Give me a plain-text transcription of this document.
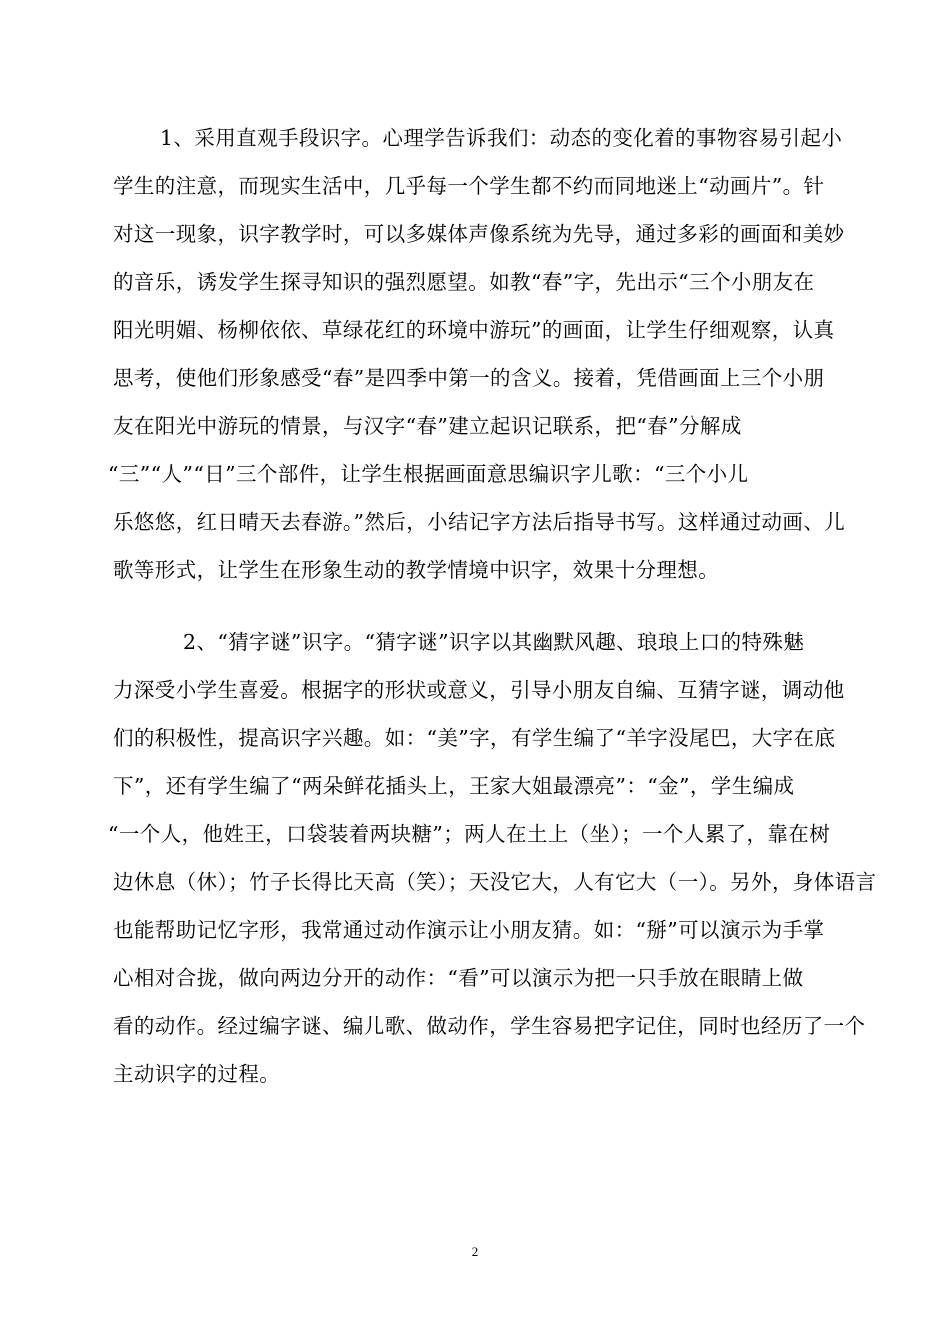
1、采用直观手段识字。心理学告诉我们：动态的变化着的事物容易引起小
学生的注意，而现实生活中，几乎每一个学生都不约而同地迷上“动画片”。针
对这一现象，识字教学时，可以多媒体声像系统为先导，通过多彩的画面和美妙
的音乐，诱发学生探寻知识的强烈愿望。如教“春”字，先出示“三个小朋友在
阳光明媚、杨柳依依、草绿花红的环境中游玩”的画面，让学生仔细观察，认真
思考，使他们形象感受“春”是四季中第一的含义。接着，凭借画面上三个小朋
友在阳光中游玩的情景，与汉字“春”建立起识记联系，把“春”分解成
“三”“人”“日”三个部件，让学生根据画面意思编识字儿歌：“三个小儿
乐悠悠，红日晴天去春游。”然后，小结记字方法后指导书写。这样通过动画、儿
歌等形式，让学生在形象生动的教学情境中识字，效果十分理想。
2、“猜字谜”识字。“猜字谜”识字以其幽默风趣、琅琅上口的特殊魅
力深受小学生喜爱。根据字的形状或意义，引导小朋友自编、互猜字谜，调动他
们的积极性，提高识字兴趣。如：“美”字，有学生编了“羊字没尾巴，大字在底
下”，还有学生编了“两朵鲜花插头上，王家大姐最漂亮”：“金”，学生编成
“一个人，他姓王，口袋装着两块糖”；两人在土上（坐）；一个人累了，靠在树
边休息（休）；竹子长得比天高（笑）；天没它大，人有它大（一）。另外，身体语言
也能帮助记忆字形，我常通过动作演示让小朋友猜。如：“掰”可以演示为手掌
心相对合拢，做向两边分开的动作：“看”可以演示为把一只手放在眼睛上做
看的动作。经过编字谜、编儿歌、做动作，学生容易把字记住，同时也经历了一个
主动识字的过程。
2
